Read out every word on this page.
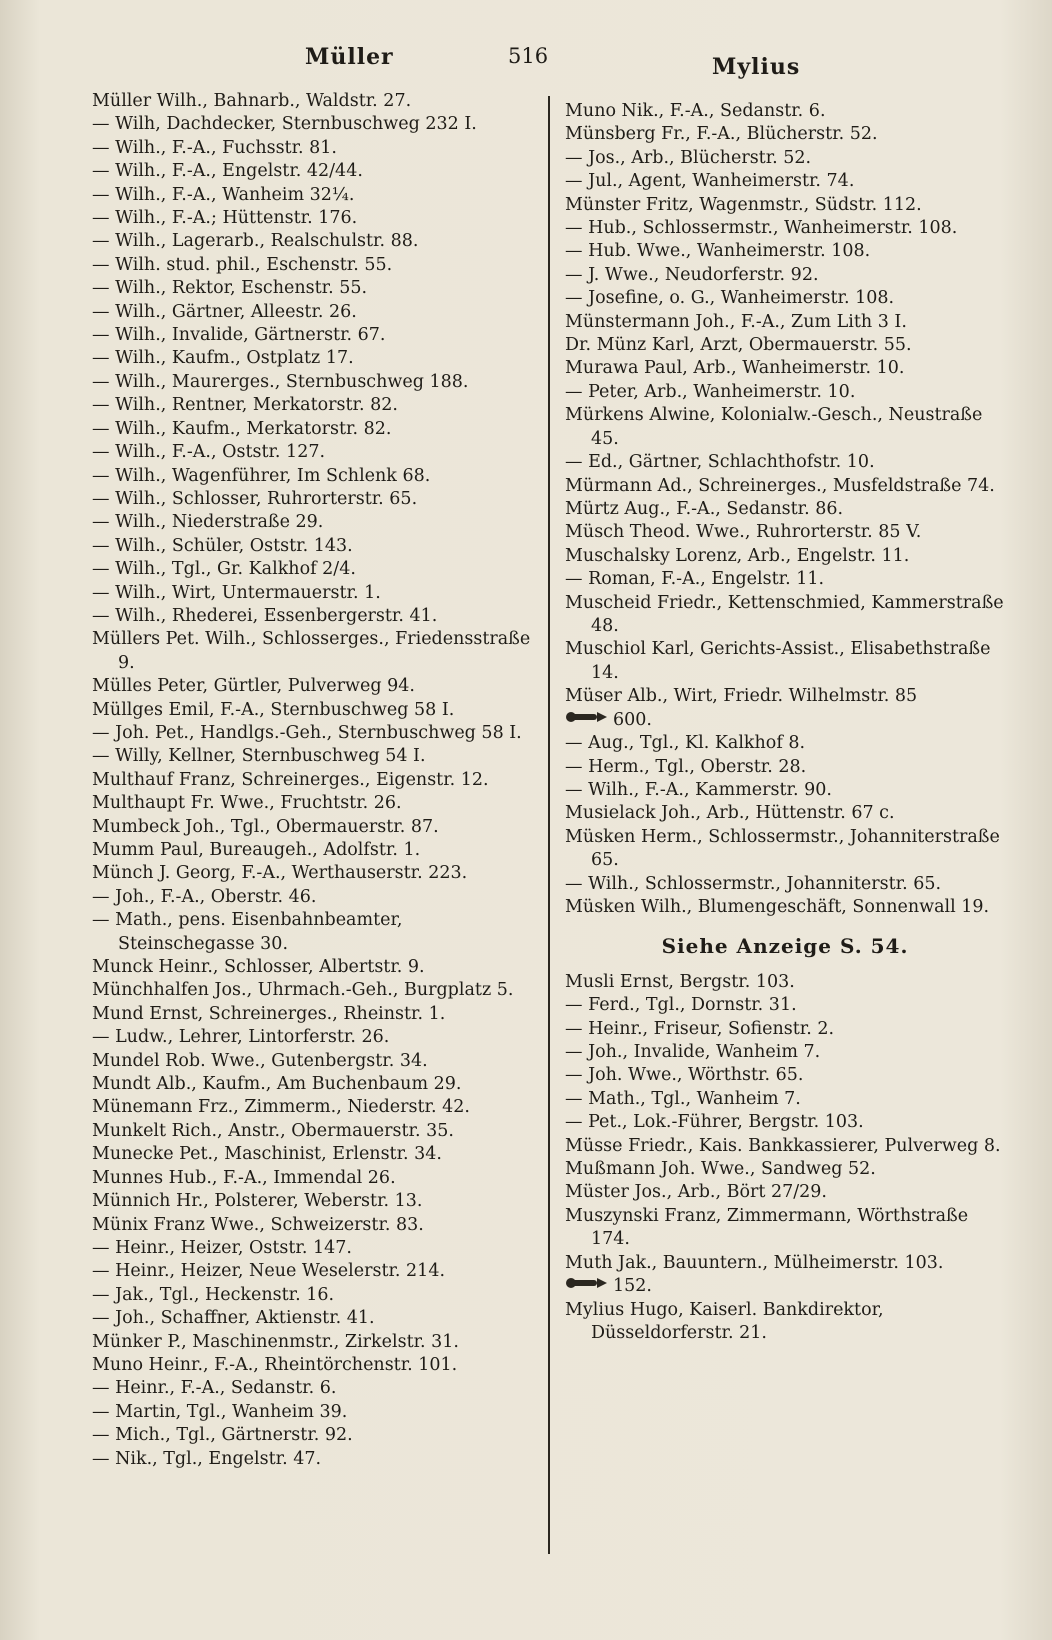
Müller	516	Mylius

Müller Wilh., Bahnarb., Waldstr. 27.

— Wilh, Dachdecker, Sternbuschweg 232 I.

— Wilh., F.-A., Fuchsstr. 81.

— Wilh., F.-A., Engelstr. 42/44.

— Wilh., F.-A., Wanheim 32¼.

— Wilh., F.-A.; Hüttenstr. 176.

— Wilh., Lagerarb., Realschulstr. 88.

— Wilh. stud. phil., Eschenstr. 55.

— Wilh., Rektor, Eschenstr. 55.

— Wilh., Gärtner, Alleestr. 26.

— Wilh., Invalide, Gärtnerstr. 67.

— Wilh., Kaufm., Ostplatz 17.

— Wilh., Maurerges., Sternbuschweg 188.

— Wilh., Rentner, Merkatorstr. 82.

— Wilh., Kaufm., Merkatorstr. 82.

— Wilh., F.-A., Oststr. 127.

— Wilh., Wagenführer, Im Schlenk 68.

— Wilh., Schlosser, Ruhrorterstr. 65.

— Wilh., Niederstraße 29.

— Wilh., Schüler, Oststr. 143.

— Wilh., Tgl., Gr. Kalkhof 2/4.

— Wilh., Wirt, Untermauerstr. 1.

— Wilh., Rhederei, Essenbergerstr. 41.

Müllers Pet. Wilh., Schlosserges., Friedensstraße 9.

Mülles Peter, Gürtler, Pulverweg 94.

Müllges Emil, F.-A., Sternbuschweg 58 I.

— Joh. Pet., Handlgs.-Geh., Sternbuschweg 58 I.

— Willy, Kellner, Sternbuschweg 54 I.

Multhauf Franz, Schreinerges., Eigenstr. 12.

Multhaupt Fr. Wwe., Fruchtstr. 26.

Mumbeck Joh., Tgl., Obermauerstr. 87.

Mumm Paul, Bureaugeh., Adolfstr. 1.

Münch J. Georg, F.-A., Werthauserstr. 223.

— Joh., F.-A., Oberstr. 46.

— Math., pens. Eisenbahnbeamter, Steinschegasse 30.

Munck Heinr., Schlosser, Albertstr. 9.

Münchhalfen Jos., Uhrmach.-Geh., Burgplatz 5.

Mund Ernst, Schreinerges., Rheinstr. 1.

— Ludw., Lehrer, Lintorferstr. 26.

Mundel Rob. Wwe., Gutenbergstr. 34.

Mundt Alb., Kaufm., Am Buchenbaum 29.

Münemann Frz., Zimmerm., Niederstr. 42.

Munkelt Rich., Anstr., Obermauerstr. 35.

Munecke Pet., Maschinist, Erlenstr. 34.

Munnes Hub., F.-A., Immendal 26.

Münnich Hr., Polsterer, Weberstr. 13.

Münix Franz Wwe., Schweizerstr. 83.

— Heinr., Heizer, Oststr. 147.

— Heinr., Heizer, Neue Weselerstr. 214.

— Jak., Tgl., Heckenstr. 16.

— Joh., Schaffner, Aktienstr. 41.

Münker P., Maschinenmstr., Zirkelstr. 31.

Muno Heinr., F.-A., Rheintörchenstr. 101.

— Heinr., F.-A., Sedanstr. 6.

— Martin, Tgl., Wanheim 39.

— Mich., Tgl., Gärtnerstr. 92.

— Nik., Tgl., Engelstr. 47.

Muno Nik., F.-A., Sedanstr. 6.

Münsberg Fr., F.-A., Blücherstr. 52.

— Jos., Arb., Blücherstr. 52.

— Jul., Agent, Wanheimerstr. 74.

Münster Fritz, Wagenmstr., Südstr. 112.

— Hub., Schlossermstr., Wanheimerstr. 108.

— Hub. Wwe., Wanheimerstr. 108.

— J. Wwe., Neudorferstr. 92.

— Josefine, o. G., Wanheimerstr. 108.

Münstermann Joh., F.-A., Zum Lith 3 I.

Dr. Münz Karl, Arzt, Obermauerstr. 55.

Murawa Paul, Arb., Wanheimerstr. 10.

— Peter, Arb., Wanheimerstr. 10.

Mürkens Alwine, Kolonialw.-Gesch., Neustraße 45.

— Ed., Gärtner, Schlachthofstr. 10.

Mürmann Ad., Schreinerges., Musfeldstraße 74.

Mürtz Aug., F.-A., Sedanstr. 86.

Müsch Theod. Wwe., Ruhrorterstr. 85 V.

Muschalsky Lorenz, Arb., Engelstr. 11.

— Roman, F.-A., Engelstr. 11.

Muscheid Friedr., Kettenschmied, Kammerstraße 48.

Muschiol Karl, Gerichts-Assist., Elisabethstraße 14.

Müser Alb., Wirt, Friedr. Wilhelmstr. 85
600.

— Aug., Tgl., Kl. Kalkhof 8.

— Herm., Tgl., Oberstr. 28.

— Wilh., F.-A., Kammerstr. 90.

Musielack Joh., Arb., Hüttenstr. 67 c.

Müsken Herm., Schlossermstr., Johanniterstraße 65.

— Wilh., Schlossermstr., Johanniterstr. 65.

Müsken Wilh., Blumengeschäft, Sonnenwall 19.

Siehe Anzeige S. 54.

Musli Ernst, Bergstr. 103.

— Ferd., Tgl., Dornstr. 31.

— Heinr., Friseur, Sofienstr. 2.

— Joh., Invalide, Wanheim 7.

— Joh. Wwe., Wörthstr. 65.

— Math., Tgl., Wanheim 7.

— Pet., Lok.-Führer, Bergstr. 103.

Müsse Friedr., Kais. Bankkassierer, Pulverweg 8.

Mußmann Joh. Wwe., Sandweg 52.

Müster Jos., Arb., Bört 27/29.

Muszynski Franz, Zimmermann, Wörthstraße 174.

Muth Jak., Bauuntern., Mülheimerstr. 103.
152.

Mylius Hugo, Kaiserl. Bankdirektor, Düsseldorferstr. 21.
